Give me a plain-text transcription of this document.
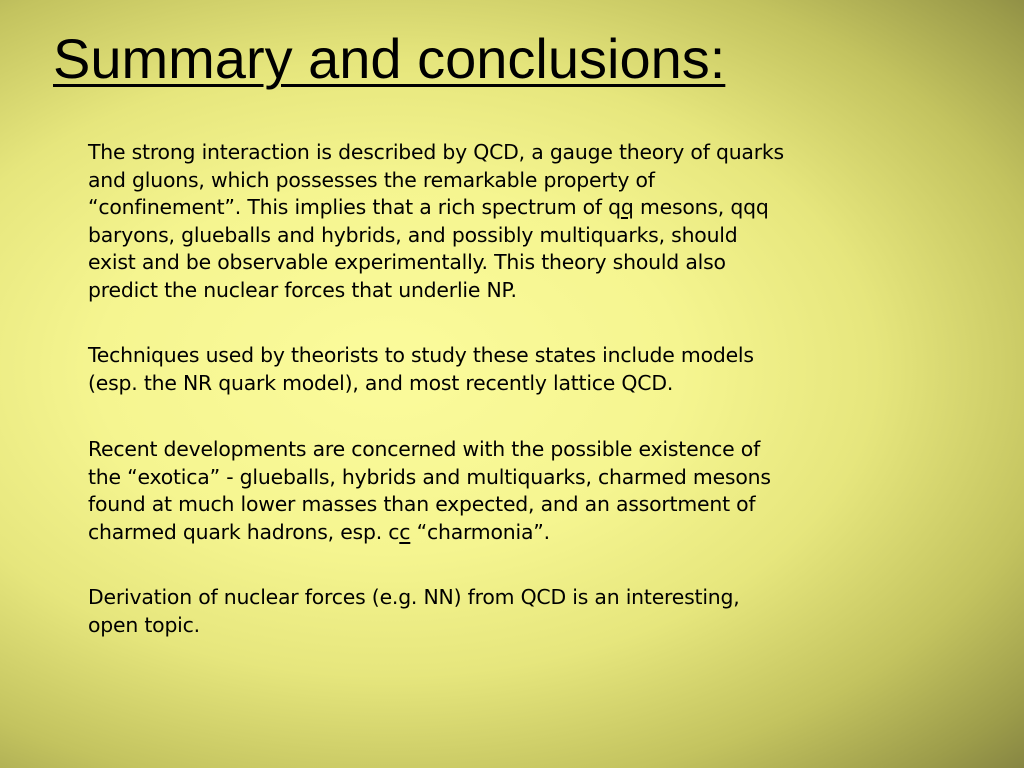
Summary and conclusions:

The strong interaction is described by QCD, a gauge theory of quarks
and gluons, which possesses the remarkable property of
“confinement”. This implies that a rich spectrum of qq mesons, qqq
baryons, glueballs and hybrids, and possibly multiquarks, should
exist and be observable experimentally. This theory should also
predict the nuclear forces that underlie NP.

Techniques used by theorists to study these states include models
(esp. the NR quark model), and most recently lattice QCD.

Recent developments are concerned with the possible existence of
the “exotica” - glueballs, hybrids and multiquarks, charmed mesons
found at much lower masses than expected, and an assortment of
charmed quark hadrons, esp. cc “charmonia”.

Derivation of nuclear forces (e.g. NN) from QCD is an interesting,
open topic.
